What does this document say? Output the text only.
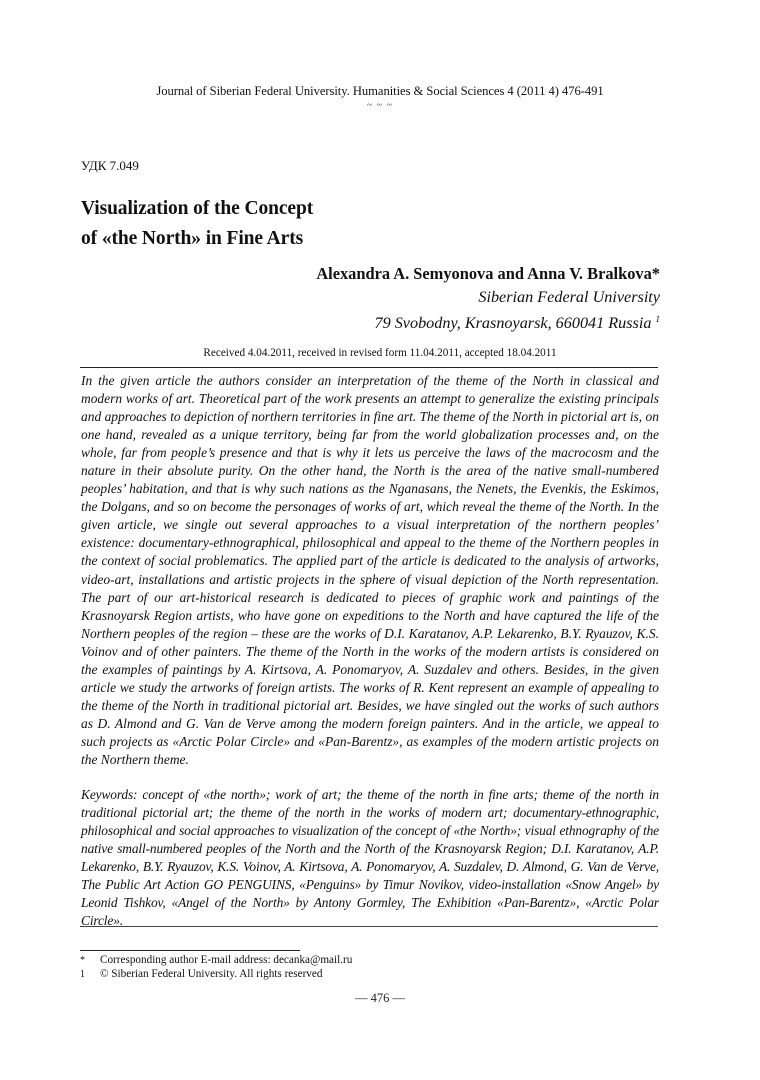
Journal of Siberian Federal University. Humanities & Social Sciences 4 (2011 4) 476-491
~ ~ ~
УДК 7.049
Visualization of the Concept
of «the North» in Fine Arts
Alexandra A. Semyonova and Anna V. Bralkova*
Siberian Federal University
79 Svobodny, Krasnoyarsk, 660041 Russia $^1$
Received 4.04.2011, received in revised form 11.04.2011, accepted 18.04.2011
In the given article the authors consider an interpretation of the theme of the North in classical and modern works of art. Theoretical part of the work presents an attempt to generalize the existing principals and approaches to depiction of northern territories in fine art. The theme of the North in pictorial art is, on one hand, revealed as a unique territory, being far from the world globalization processes and, on the whole, far from people’s presence and that is why it lets us perceive the laws of the macrocosm and the nature in their absolute purity. On the other hand, the North is the area of the native small-numbered peoples’ habitation, and that is why such nations as the Nganasans, the Nenets, the Evenkis, the Eskimos, the Dolgans, and so on become the personages of works of art, which reveal the theme of the North. In the given article, we single out several approaches to a visual interpretation of the northern peoples’ existence: documentary-ethnographical, philosophical and appeal to the theme of the Northern peoples in the context of social problematics. The applied part of the article is dedicated to the analysis of artworks, video-art, installations and artistic projects in the sphere of visual depiction of the North representation. The part of our art-historical research is dedicated to pieces of graphic work and paintings of the Krasnoyarsk Region artists, who have gone on expeditions to the North and have captured the life of the Northern peoples of the region – these are the works of D.I. Karatanov, A.P. Lekarenko, B.Y. Ryauzov, K.S. Voinov and of other painters. The theme of the North in the works of the modern artists is considered on the examples of paintings by A. Kirtsova, A. Ponomaryov, A. Suzdalev and others. Besides, in the given article we study the artworks of foreign artists. The works of R. Kent represent an example of appealing to the theme of the North in traditional pictorial art. Besides, we have singled out the works of such authors as D. Almond and G. Van de Verve among the modern foreign painters. And in the article, we appeal to such projects as «Arctic Polar Circle» and «Pan-Barentz», as examples of the modern artistic projects on the Northern theme.
Keywords: concept of «the north»; work of art; the theme of the north in fine arts; theme of the north in traditional pictorial art; the theme of the north in the works of modern art; documentary-ethnographic, philosophical and social approaches to visualization of the concept of «the North»; visual ethnography of the native small-numbered peoples of the North and the North of the Krasnoyarsk Region; D.I. Karatanov, A.P. Lekarenko, B.Y. Ryauzov, K.S. Voinov, A. Kirtsova, A. Ponomaryov, A. Suzdalev, D. Almond, G. Van de Verve, The Public Art Action GO PENGUINS, «Penguins» by Timur Novikov, video-installation «Snow Angel» by Leonid Tishkov, «Angel of the North» by Antony Gormley, The Exhibition «Pan-Barentz», «Arctic Polar Circle».
* Corresponding author E-mail address: decanka@mail.ru
1 © Siberian Federal University. All rights reserved
— 476 —
